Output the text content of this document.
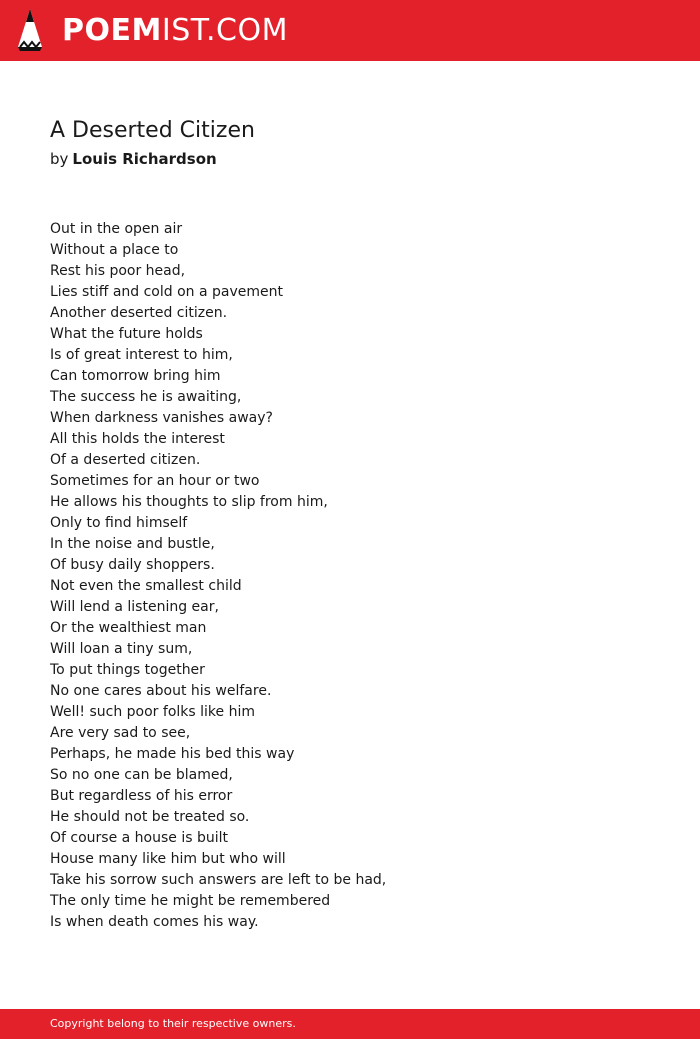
POEMIST.COM
A Deserted Citizen
by Louis Richardson
Out in the open air
Without a place to
Rest his poor head,
Lies stiff and cold on a pavement
Another deserted citizen.
What the future holds
Is of great interest to him,
Can tomorrow bring him
The success he is awaiting,
When darkness vanishes away?
All this holds the interest
Of a deserted citizen.
Sometimes for an hour or two
He allows his thoughts to slip from him,
Only to find himself
In the noise and bustle,
Of busy daily shoppers.
Not even the smallest child
Will lend a listening ear,
Or the wealthiest man
Will loan a tiny sum,
To put things together
No one cares about his welfare.
Well! such poor folks like him
Are very sad to see,
Perhaps, he made his bed this way
So no one can be blamed,
But regardless of his error
He should not be treated so.
Of course a house is built
House many like him but who will
Take his sorrow such answers are left to be had,
The only time he might be remembered
Is when death comes his way.
Copyright belong to their respective owners.
